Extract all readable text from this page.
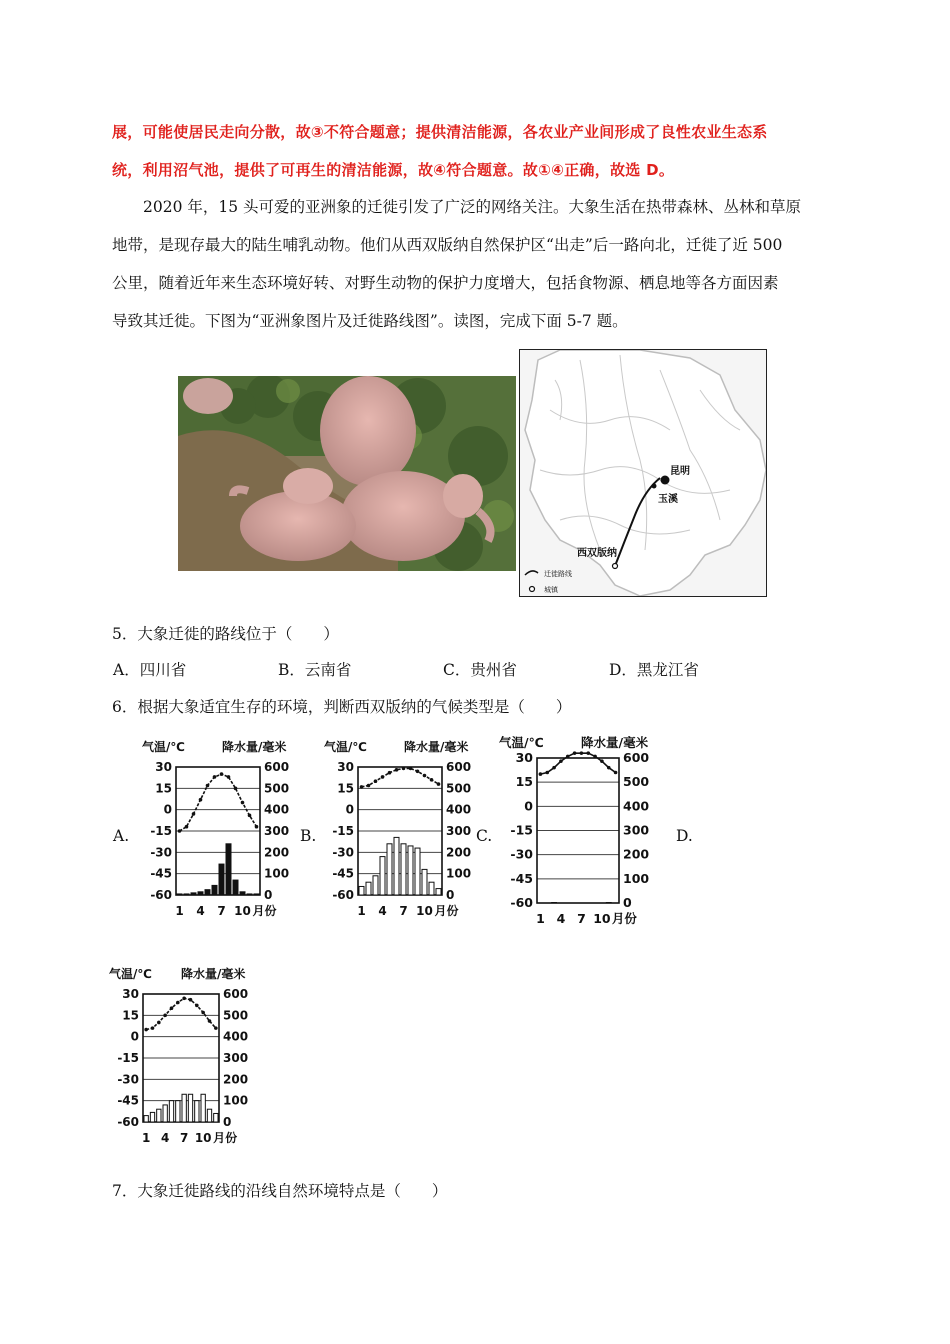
展，可能使居民走向分散，故③不符合题意；提供清洁能源，各农业产业间形成了良性农业生态系
统，利用沼气池，提供了可再生的清洁能源，故④符合题意。故①④正确，故选 D。
2020 年，15 头可爱的亚洲象的迁徙引发了广泛的网络关注。大象生活在热带森林、丛林和草原
地带，是现存最大的陆生哺乳动物。他们从西双版纳自然保护区“出走”后一路向北，迁徙了近 500
公里，随着近年来生态环境好转、对野生动物的保护力度增大，包括食物源、栖息地等各方面因素
导致其迁徙。下图为“亚洲象图片及迁徙路线图”。读图，完成下面 5-7 题。
昆明
玉溪
西双版纳
迁徙路线
城镇
5．大象迁徙的路线位于（　　）
A．四川省	B．云南省	C．贵州省	D．黑龙江省
6．根据大象适宜生存的环境，判断西双版纳的气候类型是（　　）
A.	B.	C.	D.
气温/℃	降水量/毫米
30	600
15	500
0	400
-15	300
-30	200
-45	100
-60	0
1 4 7 10 月份
气温/℃	降水量/毫米
30	600
15	500
0	400
-15	300
-30	200
-45	100
-60	0
1 4 7 10 月份
气温/℃	降水量/毫米
30	600
15	500
0	400
-15	300
-30	200
-45	100
-60	0
1 4 7 10 月份
气温/℃ 降水量/毫米
30	600
15	500
0	400
-15	300
-30	200
-45	100
-60	0
1 4 7 10 月份
7．大象迁徙路线的沿线自然环境特点是（　　）
